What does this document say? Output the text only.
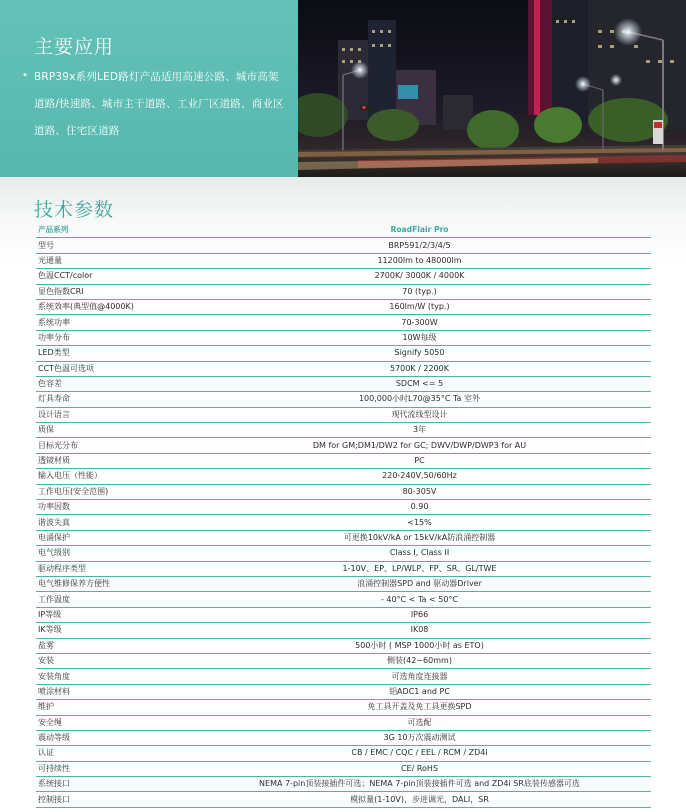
主要应用
• BRP39x系列LED路灯产品适用高速公路、城市高架道路/快速路、城市主干道路、工业厂区道路、商业区道路、住宅区道路
技术参数
产品系列	RoadFlair Pro
型号	BRP591/2/3/4/5
光通量	11200lm to 48000lm
色温CCT/color	2700K/ 3000K / 4000K
显色指数CRI	70 (typ.)
系统效率(典型值@4000K)	160lm/W (typ.)
系统功率	70-300W
功率分布	10W每级
LED类型	Signify 5050
CCT色温可选项	5700K / 2200K
色容差	SDCM <= 5
灯具寿命	100,000小时L70@35°C Ta 室外
设计语言	现代流线型设计
质保	3年
目标光分布	DM for GM;DM1/DW2 for GC; DWV/DWP/DWP3 for AU
透镜材质	PC
输入电压（性能）	220-240V,50/60Hz
工作电压(安全范围)	80-305V
功率因数	0.90
谐波失真	<15%
电涌保护	可更换10kV/kA or 15kV/kA防浪涌控制器
电气级别	Class I, Class II
驱动程序类型	1-10V、EP、LP/WLP、FP、SR、GL/TWE
电气维修保养方便性	浪涌控制器SPD and 驱动器Driver
工作温度	- 40°C < Ta < 50°C
IP等级	IP66
IK等级	IK08
盐雾	500小时 ( MSP 1000小时 as ETO)
安装	侧装(42~60mm)
安装角度	可选角度连接器
喷涂材料	铝ADC1 and PC
维护	免工具开盖及免工具更换SPD
安全绳	可选配
震动等级	3G 10万次震动测试
认证	CB / EMC / CQC / EEL / RCM / ZD4i
可持续性	CE/ RoHS
系统接口	NEMA 7-pin顶装接插件可选；NEMA 7-pin顶装接插件可选 and ZD4i SR底装传感器可选
控制接口	模拟量(1-10V)，步进调光，DALI，SR
